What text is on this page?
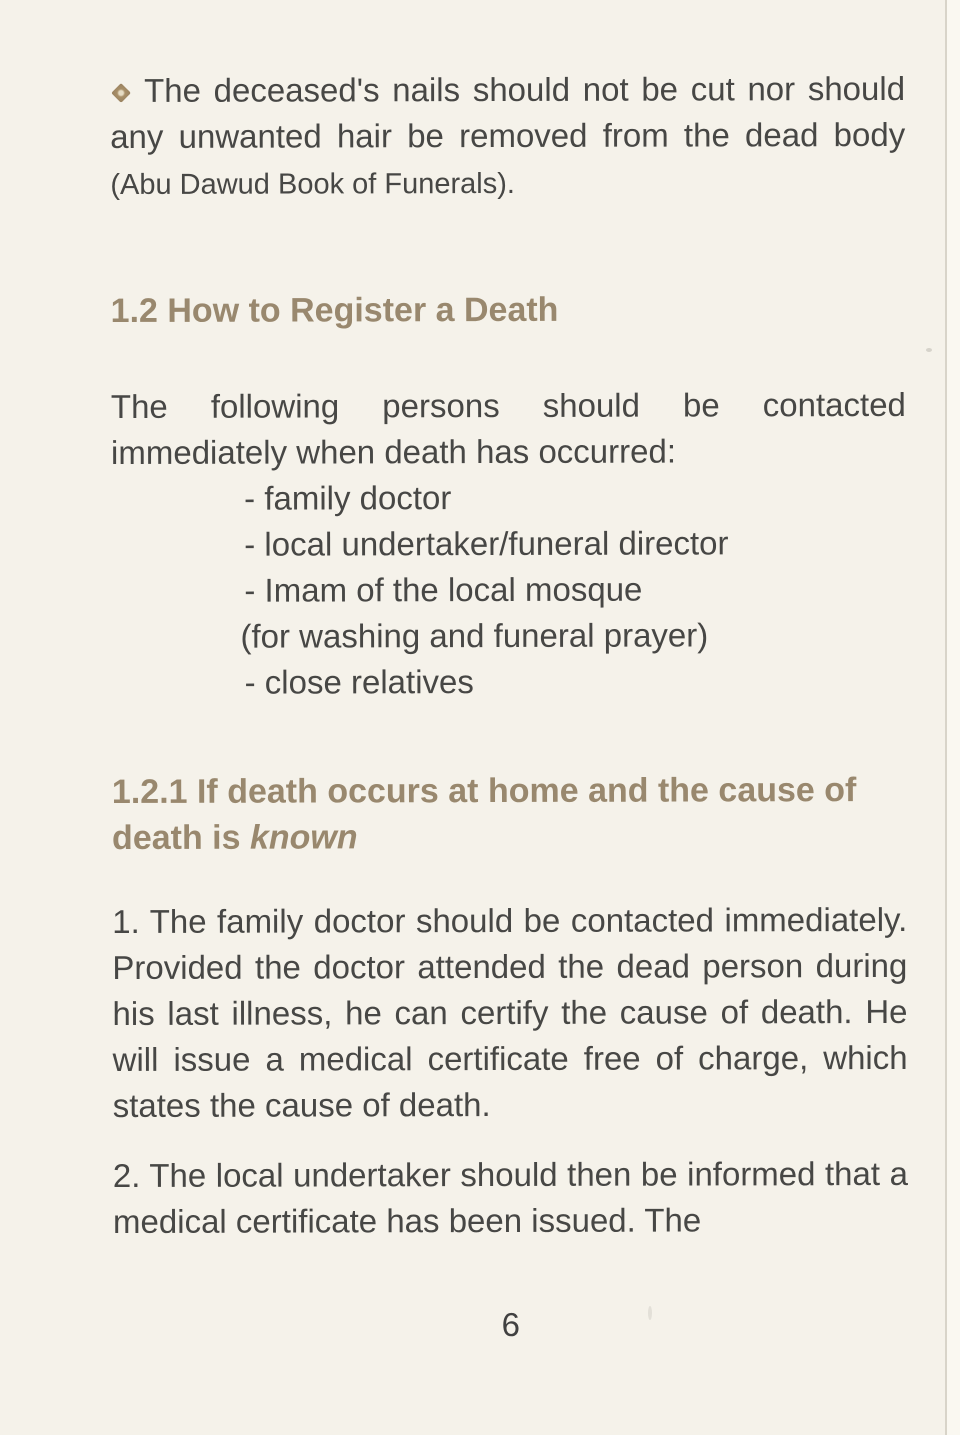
The deceased's nails should not be cut nor should any unwanted hair be removed from the dead body (Abu Dawud Book of Funerals).

1.2 How to Register a Death

The following persons should be contacted immediately when death has occurred:

- family doctor
- local undertaker/funeral director
- Imam of the local mosque
(for washing and funeral prayer)
- close relatives
1.2.1 If death occurs at home and the cause of death is known

1. The family doctor should be contacted immediately. Provided the doctor attended the dead person during his last illness, he can certify the cause of death. He will issue a medical certificate free of charge, which states the cause of death.

2. The local undertaker should then be informed that a medical certificate has been issued. The

6
